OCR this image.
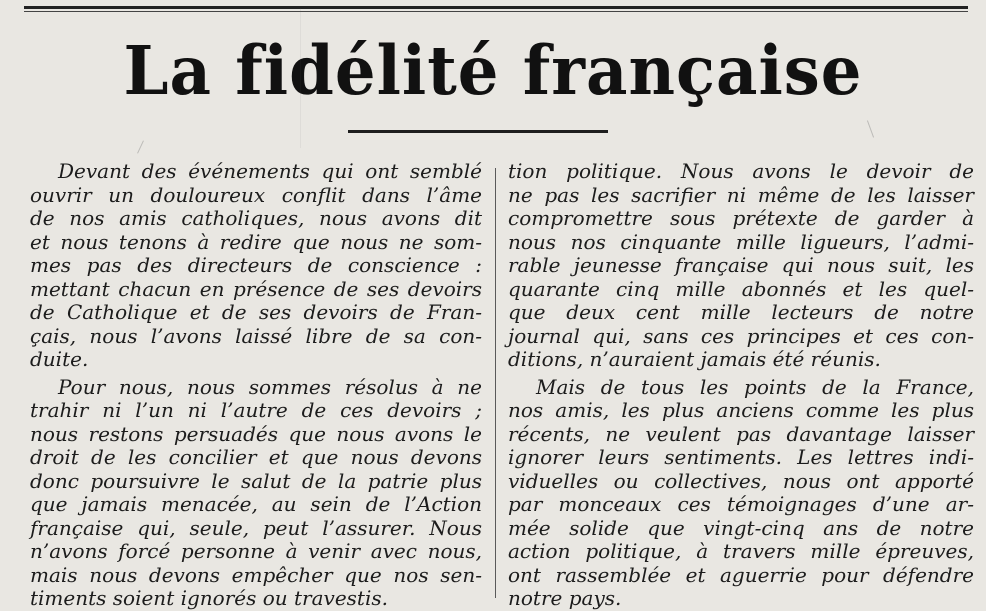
La fidélité française

Devant des événements qui ont semblé
ouvrir un douloureux conflit dans l’âme
de nos amis catholiques, nous avons dit
et nous tenons à redire que nous ne som-
mes pas des directeurs de conscience :
mettant chacun en présence de ses devoirs
de Catholique et de ses devoirs de Fran-
çais, nous l’avons laissé libre de sa con-
duite.

Pour nous, nous sommes résolus à ne
trahir ni l’un ni l’autre de ces devoirs ;
nous restons persuadés que nous avons le
droit de les concilier et que nous devons
donc poursuivre le salut de la patrie plus
que jamais menacée, au sein de l’Action
française qui, seule, peut l’assurer. Nous
n’avons forcé personne à venir avec nous,
mais nous devons empêcher que nos sen-
timents soient ignorés ou travestis.

tion politique. Nous avons le devoir de
ne pas les sacrifier ni même de les laisser
compromettre sous prétexte de garder à
nous nos cinquante mille ligueurs, l’admi-
rable jeunesse française qui nous suit, les
quarante cinq mille abonnés et les quel-
que deux cent mille lecteurs de notre
journal qui, sans ces principes et ces con-
ditions, n’auraient jamais été réunis.

Mais de tous les points de la France,
nos amis, les plus anciens comme les plus
récents, ne veulent pas davantage laisser
ignorer leurs sentiments. Les lettres indi-
viduelles ou collectives, nous ont apporté
par monceaux ces témoignages d’une ar-
mée solide que vingt-cinq ans de notre
action politique, à travers mille épreuves,
ont rassemblée et aguerrie pour défendre
notre pays.
